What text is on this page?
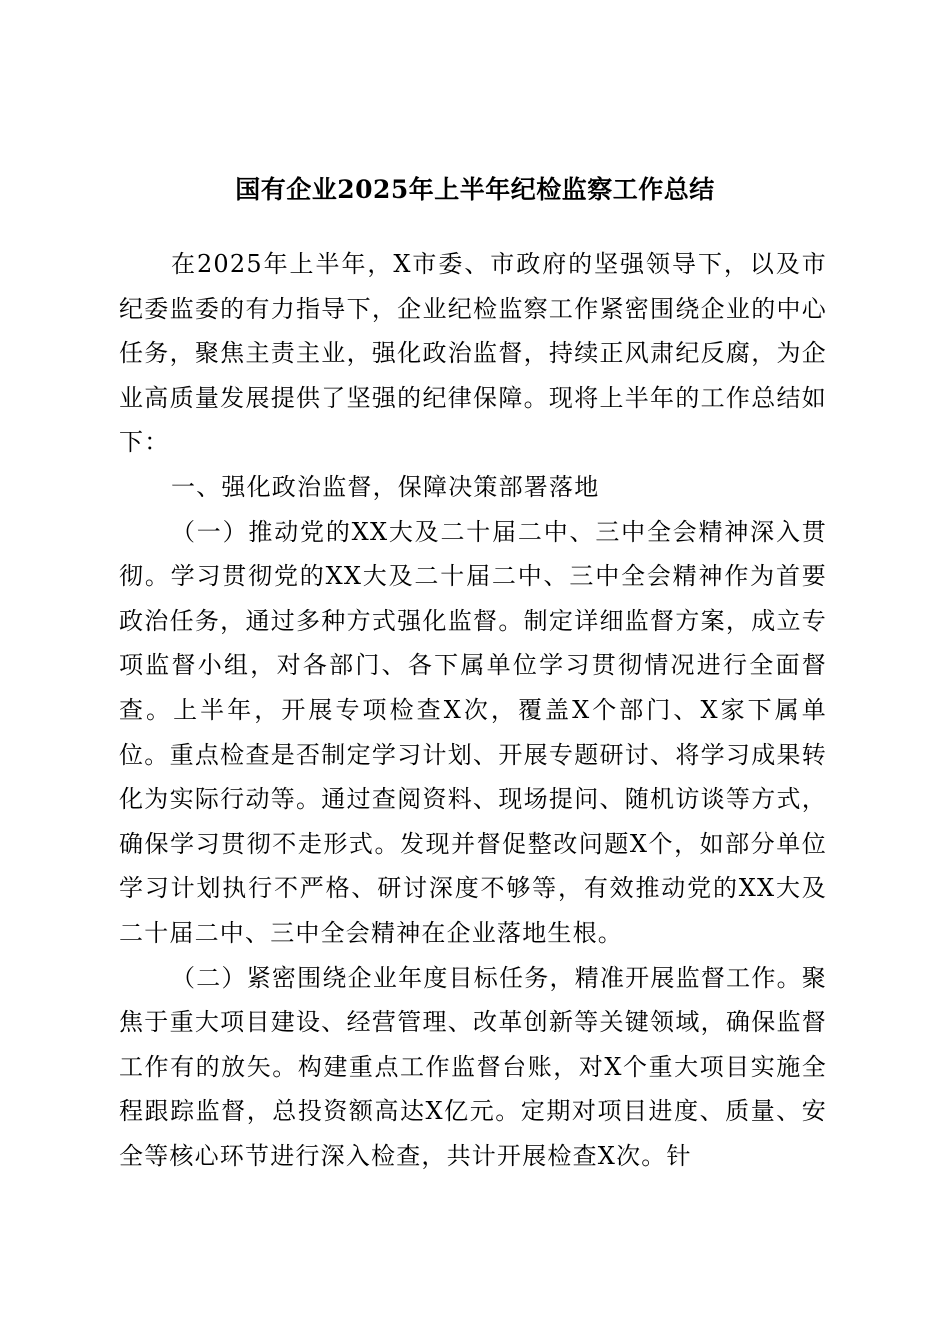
国有企业2025年上半年纪检监察工作总结

在2025年上半年，X市委、市政府的坚强领导下，以及市纪委监委的有力指导下，企业纪检监察工作紧密围绕企业的中心任务，聚焦主责主业，强化政治监督，持续正风肃纪反腐，为企业高质量发展提供了坚强的纪律保障。现将上半年的工作总结如下：

一、强化政治监督，保障决策部署落地

（一）推动党的XX大及二十届二中、三中全会精神深入贯彻。学习贯彻党的XX大及二十届二中、三中全会精神作为首要政治任务，通过多种方式强化监督。制定详细监督方案，成立专项监督小组，对各部门、各下属单位学习贯彻情况进行全面督查。上半年，开展专项检查X次，覆盖X个部门、X家下属单位。重点检查是否制定学习计划、开展专题研讨、将学习成果转化为实际行动等。通过查阅资料、现场提问、随机访谈等方式，确保学习贯彻不走形式。发现并督促整改问题X个，如部分单位学习计划执行不严格、研讨深度不够等，有效推动党的XX大及二十届二中、三中全会精神在企业落地生根。

（二）紧密围绕企业年度目标任务，精准开展监督工作。聚焦于重大项目建设、经营管理、改革创新等关键领域，确保监督工作有的放矢。构建重点工作监督台账，对X个重大项目实施全程跟踪监督，总投资额高达X亿元。定期对项目进度、质量、安全等核心环节进行深入检查，共计开展检查X次。针
